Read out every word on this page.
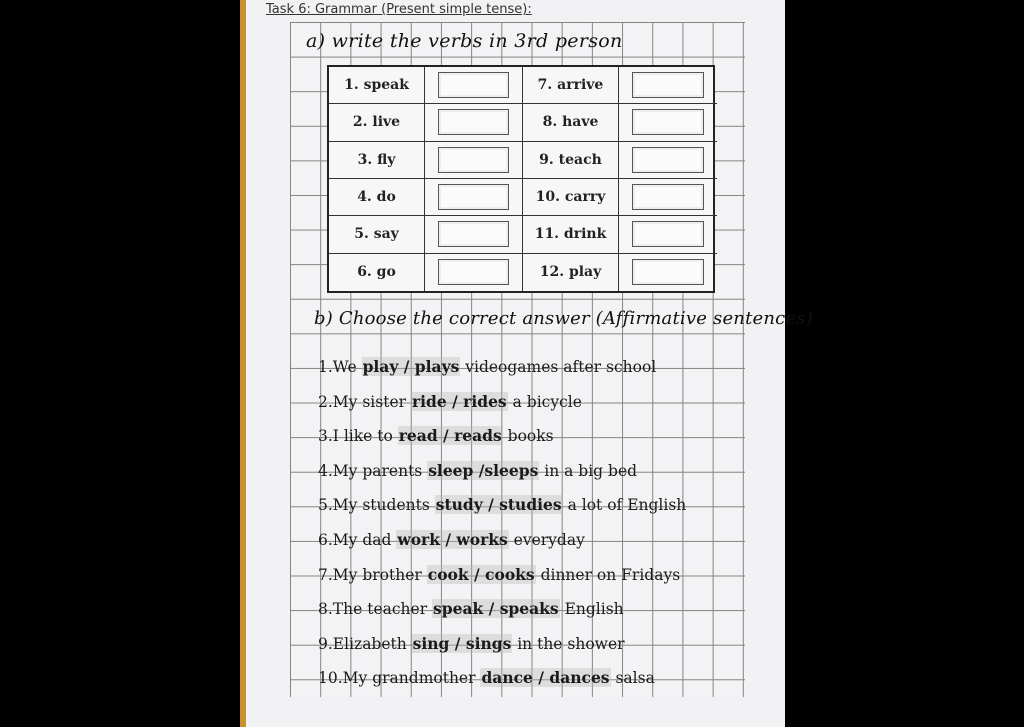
Task 6: Grammar (Present simple tense):
a) write the verbs in 3rd person
1. speak	7. arrive
2. live	8. have
3. fly	9. teach
4. do	10. carry
5. say	11. drink
6. go	12. play
b) Choose the correct answer (Affirmative sentences)
1.We play / plays videogames after school
2.My sister ride / rides a bicycle
3.I like to read / reads books
4.My parents sleep /sleeps in a big bed
5.My students study / studies a lot of English
6.My dad work / works everyday
7.My brother cook / cooks dinner on Fridays
8.The teacher speak / speaks English
9.Elizabeth sing / sings in the shower
10.My grandmother dance / dances salsa
